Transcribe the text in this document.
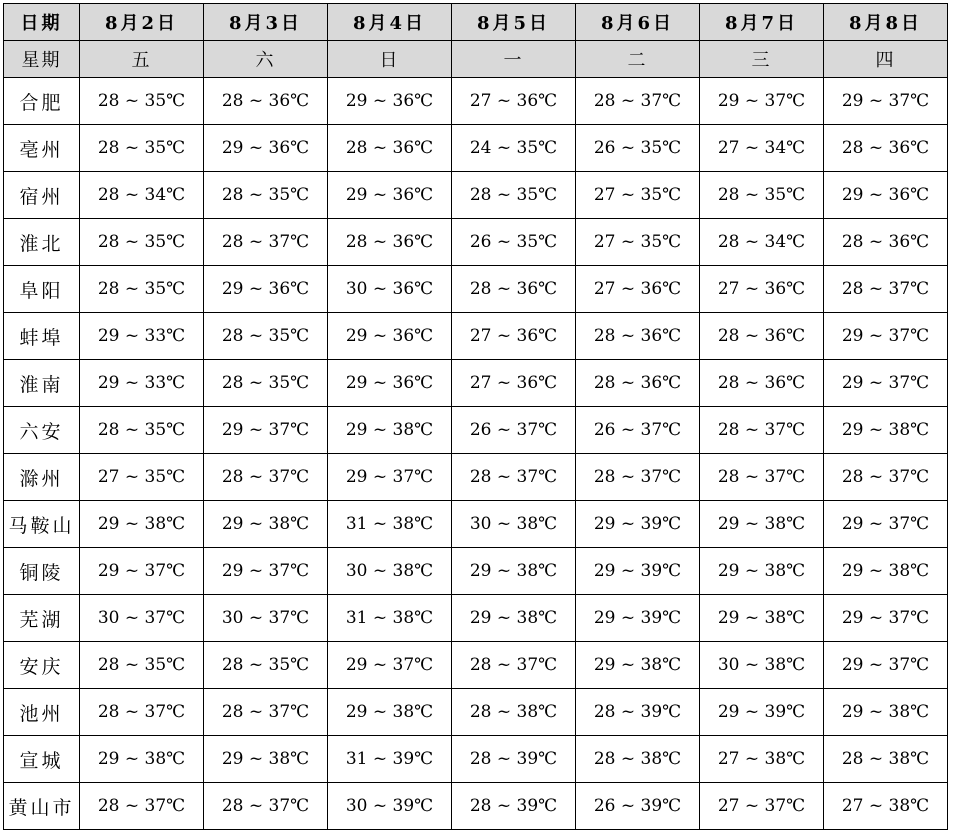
日期	8月2日	8月3日	8月4日	8月5日	8月6日	8月7日	8月8日
星期	五	六	日	一	二	三	四
合肥	28 ~ 35℃	28 ~ 36℃	29 ~ 36℃	27 ~ 36℃	28 ~ 37℃	29 ~ 37℃	29 ~ 37℃
亳州	28 ~ 35℃	29 ~ 36℃	28 ~ 36℃	24 ~ 35℃	26 ~ 35℃	27 ~ 34℃	28 ~ 36℃
宿州	28 ~ 34℃	28 ~ 35℃	29 ~ 36℃	28 ~ 35℃	27 ~ 35℃	28 ~ 35℃	29 ~ 36℃
淮北	28 ~ 35℃	28 ~ 37℃	28 ~ 36℃	26 ~ 35℃	27 ~ 35℃	28 ~ 34℃	28 ~ 36℃
阜阳	28 ~ 35℃	29 ~ 36℃	30 ~ 36℃	28 ~ 36℃	27 ~ 36℃	27 ~ 36℃	28 ~ 37℃
蚌埠	29 ~ 33℃	28 ~ 35℃	29 ~ 36℃	27 ~ 36℃	28 ~ 36℃	28 ~ 36℃	29 ~ 37℃
淮南	29 ~ 33℃	28 ~ 35℃	29 ~ 36℃	27 ~ 36℃	28 ~ 36℃	28 ~ 36℃	29 ~ 37℃
六安	28 ~ 35℃	29 ~ 37℃	29 ~ 38℃	26 ~ 37℃	26 ~ 37℃	28 ~ 37℃	29 ~ 38℃
滁州	27 ~ 35℃	28 ~ 37℃	29 ~ 37℃	28 ~ 37℃	28 ~ 37℃	28 ~ 37℃	28 ~ 37℃
马鞍山	29 ~ 38℃	29 ~ 38℃	31 ~ 38℃	30 ~ 38℃	29 ~ 39℃	29 ~ 38℃	29 ~ 37℃
铜陵	29 ~ 37℃	29 ~ 37℃	30 ~ 38℃	29 ~ 38℃	29 ~ 39℃	29 ~ 38℃	29 ~ 38℃
芜湖	30 ~ 37℃	30 ~ 37℃	31 ~ 38℃	29 ~ 38℃	29 ~ 39℃	29 ~ 38℃	29 ~ 37℃
安庆	28 ~ 35℃	28 ~ 35℃	29 ~ 37℃	28 ~ 37℃	29 ~ 38℃	30 ~ 38℃	29 ~ 37℃
池州	28 ~ 37℃	28 ~ 37℃	29 ~ 38℃	28 ~ 38℃	28 ~ 39℃	29 ~ 39℃	29 ~ 38℃
宣城	29 ~ 38℃	29 ~ 38℃	31 ~ 39℃	28 ~ 39℃	28 ~ 38℃	27 ~ 38℃	28 ~ 38℃
黄山市	28 ~ 37℃	28 ~ 37℃	30 ~ 39℃	28 ~ 39℃	26 ~ 39℃	27 ~ 37℃	27 ~ 38℃
